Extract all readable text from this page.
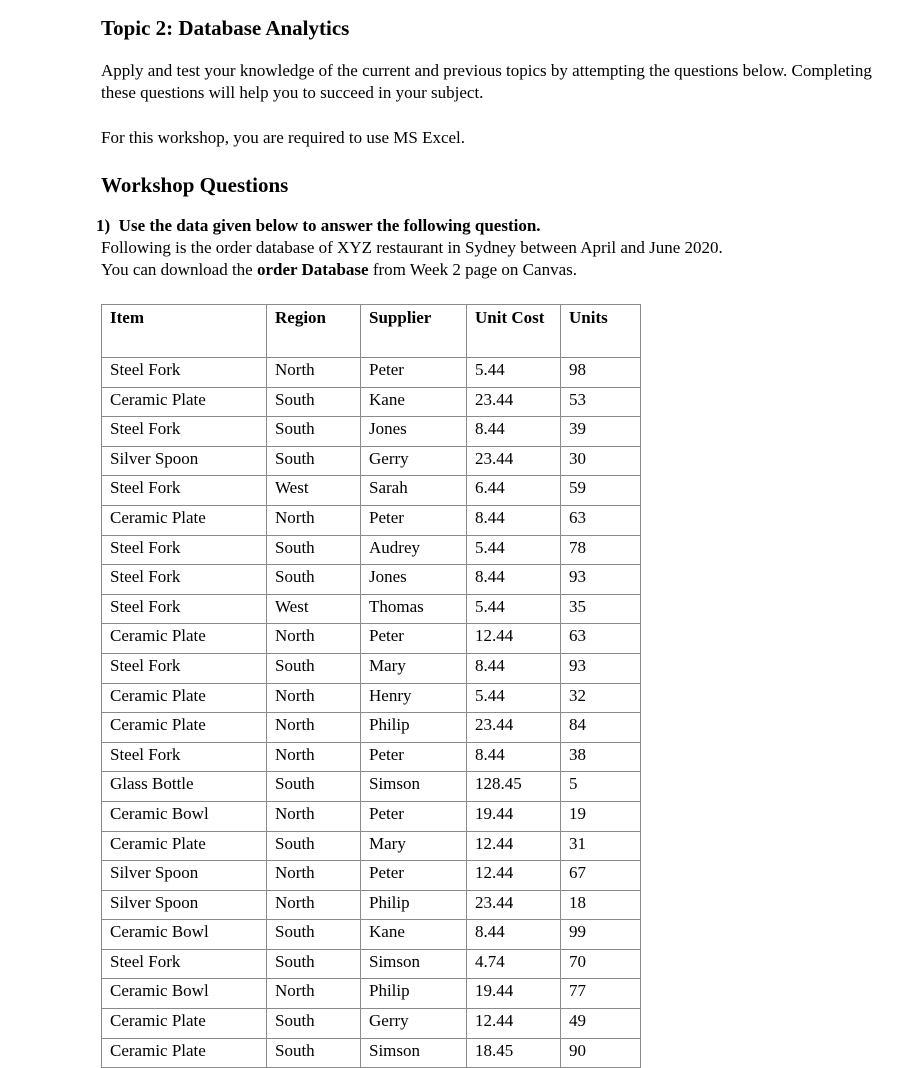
Topic 2: Database Analytics

Apply and test your knowledge of the current and previous topics by attempting the questions below. Completing these questions will help you to succeed in your subject.

For this workshop, you are required to use MS Excel.

Workshop Questions
1) Use the data given below to answer the following question.
Following is the order database of XYZ restaurant in Sydney between April and June 2020.
You can download the order Database from Week 2 page on Canvas.
Item	Region	Supplier	Unit Cost	Units
Steel Fork	North	Peter	5.44	98
Ceramic Plate	South	Kane	23.44	53
Steel Fork	South	Jones	8.44	39
Silver Spoon	South	Gerry	23.44	30
Steel Fork	West	Sarah	6.44	59
Ceramic Plate	North	Peter	8.44	63
Steel Fork	South	Audrey	5.44	78
Steel Fork	South	Jones	8.44	93
Steel Fork	West	Thomas	5.44	35
Ceramic Plate	North	Peter	12.44	63
Steel Fork	South	Mary	8.44	93
Ceramic Plate	North	Henry	5.44	32
Ceramic Plate	North	Philip	23.44	84
Steel Fork	North	Peter	8.44	38
Glass Bottle	South	Simson	128.45	5
Ceramic Bowl	North	Peter	19.44	19
Ceramic Plate	South	Mary	12.44	31
Silver Spoon	North	Peter	12.44	67
Silver Spoon	North	Philip	23.44	18
Ceramic Bowl	South	Kane	8.44	99
Steel Fork	South	Simson	4.74	70
Ceramic Bowl	North	Philip	19.44	77
Ceramic Plate	South	Gerry	12.44	49
Ceramic Plate	South	Simson	18.45	90
